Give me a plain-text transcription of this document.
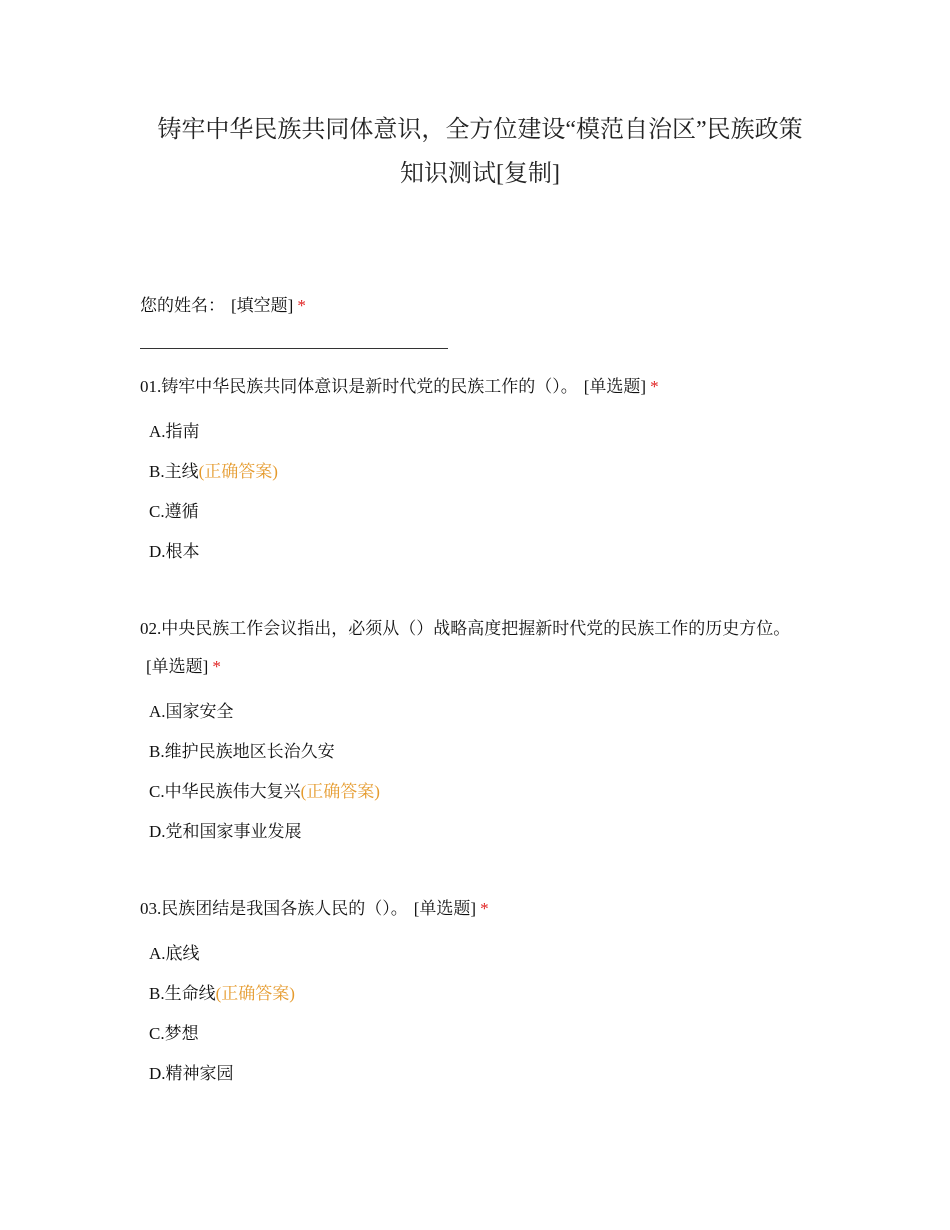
铸牢中华民族共同体意识，全方位建设“模范自治区”民族政策知识测试[复制]
您的姓名： [填空题] *
01.铸牢中华民族共同体意识是新时代党的民族工作的（）。 [单选题] *
A.指南
B.主线(正确答案)
C.遵循
D.根本
02.中央民族工作会议指出，必须从（）战略高度把握新时代党的民族工作的历史方位。[单选题] *
A.国家安全
B.维护民族地区长治久安
C.中华民族伟大复兴(正确答案)
D.党和国家事业发展
03.民族团结是我国各族人民的（）。 [单选题] *
A.底线
B.生命线(正确答案)
C.梦想
D.精神家园
